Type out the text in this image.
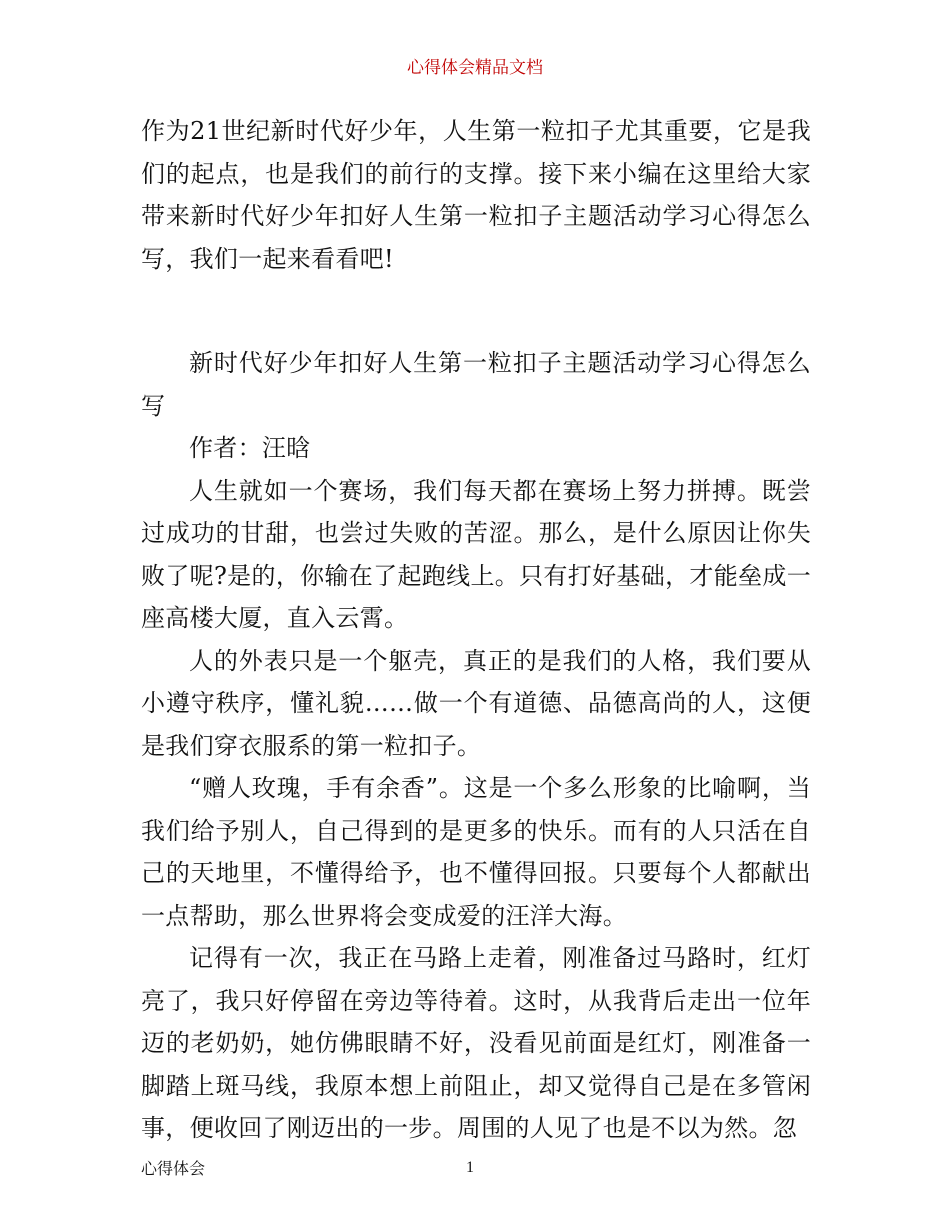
心得体会精品文档

作为21世纪新时代好少年，人生第一粒扣子尤其重要，它是我们的起点，也是我们的前行的支撑。接下来小编在这里给大家带来新时代好少年扣好人生第一粒扣子主题活动学习心得怎么写，我们一起来看看吧!

新时代好少年扣好人生第一粒扣子主题活动学习心得怎么写

作者：汪晗

人生就如一个赛场，我们每天都在赛场上努力拼搏。既尝过成功的甘甜，也尝过失败的苦涩。那么，是什么原因让你失败了呢?是的，你输在了起跑线上。只有打好基础，才能垒成一座高楼大厦，直入云霄。

人的外表只是一个躯壳，真正的是我们的人格，我们要从小遵守秩序，懂礼貌……做一个有道德、品德高尚的人，这便是我们穿衣服系的第一粒扣子。

“赠人玫瑰，手有余香”。这是一个多么形象的比喻啊，当我们给予别人，自己得到的是更多的快乐。而有的人只活在自己的天地里，不懂得给予，也不懂得回报。只要每个人都献出一点帮助，那么世界将会变成爱的汪洋大海。

记得有一次，我正在马路上走着，刚准备过马路时，红灯亮了，我只好停留在旁边等待着。这时，从我背后走出一位年迈的老奶奶，她仿佛眼睛不好，没看见前面是红灯，刚准备一脚踏上斑马线，我原本想上前阻止，却又觉得自己是在多管闲事，便收回了刚迈出的一步。周围的人见了也是不以为然。忽

心得体会	1
